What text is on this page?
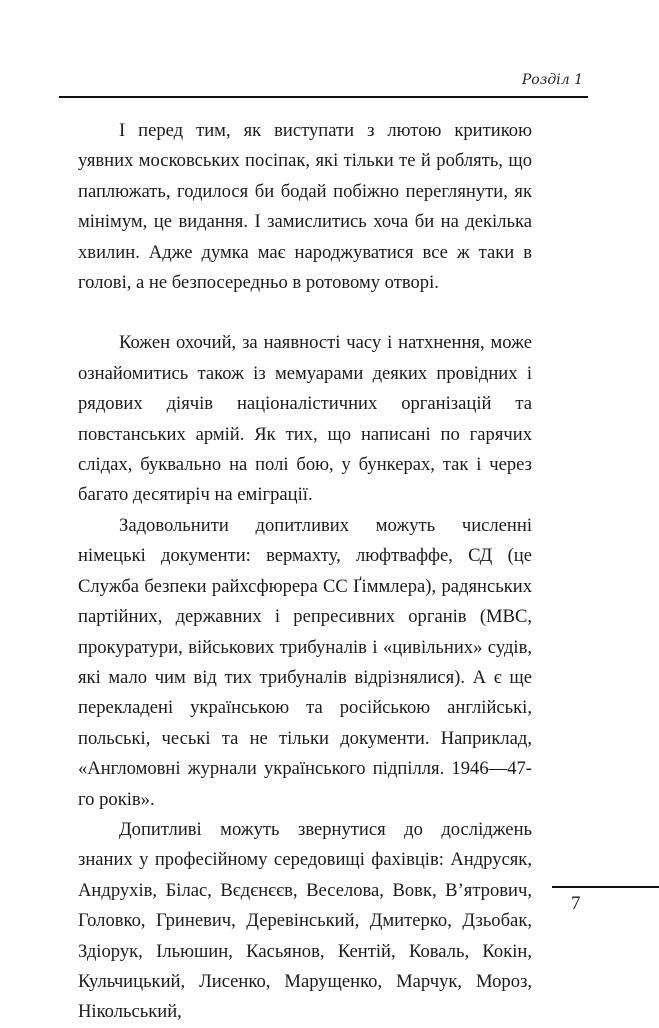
Розділ 1

І перед тим, як виступати з лютою критикою уявних московських посіпак, які тільки те й роблять, що паплюжать, годилося би бодай побіжно переглянути, як мінімум, це видання. І замислитись хоча би на декілька хвилин. Адже думка має народжуватися все ж таки в голові, а не безпосередньо в ротовому отворі.

Кожен охочий, за наявності часу і натхнення, може ознайомитись також із мемуарами деяких провідних і рядових діячів націоналістичних організацій та повстанських армій. Як тих, що написані по гарячих слідах, буквально на полі бою, у бункерах, так і через багато десятиріч на еміграції.

Задовольнити допитливих можуть численні німецькі документи: вермахту, люфтваффе, СД (це Служба безпеки райхсфюрера СС Ґіммлера), радянських партійних, державних і репресивних органів (МВС, прокуратури, військових трибуналів і «цивільних» судів, які мало чим від тих трибуналів відрізнялися). А є ще перекладені українською та російською англійські, польські, чеські та не тільки документи. Наприклад, «Англомовні журнали українського підпілля. 1946—47-го років».

Допитливі можуть звернутися до досліджень знаних у професійному середовищі фахівців: Андрусяк, Андрухів, Білас, Вєдєнєєв, Веселова, Вовк, В’ятрович, Головко, Гриневич, Деревінський, Дмитерко, Дзьобак, Здіорук, Ільюшин, Касьянов, Кентій, Коваль, Кокін, Кульчицький, Лисенко, Марущенко, Марчук, Мороз, Нікольський,

7
